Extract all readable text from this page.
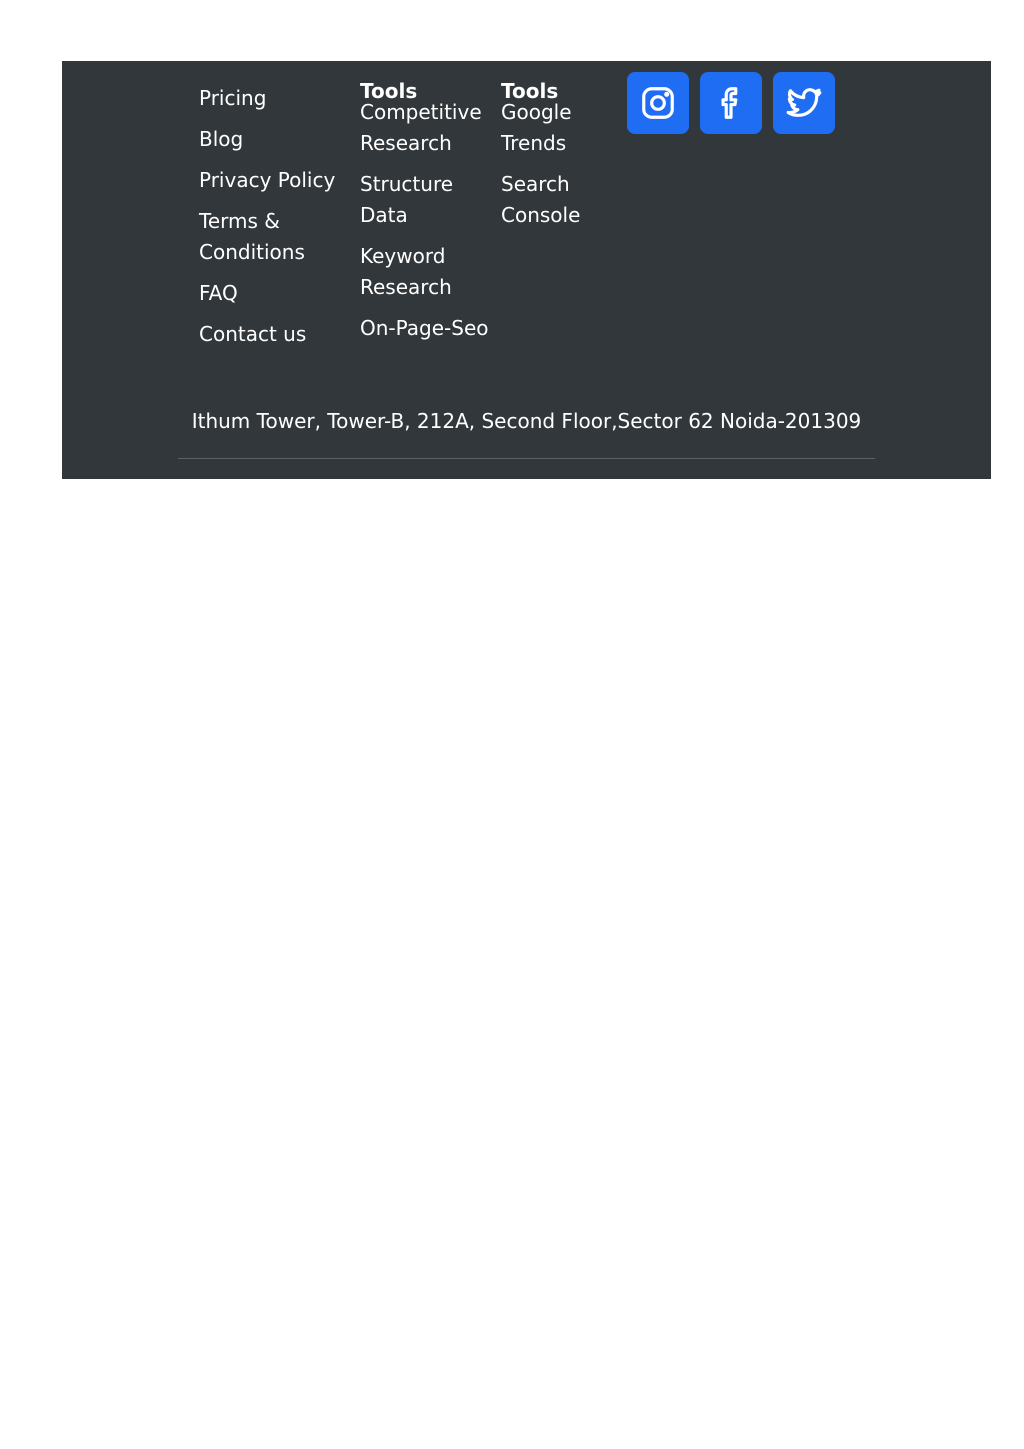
Pricing
Blog
Privacy Policy
Terms & Conditions
FAQ
Contact us

Tools
Competitive Research
Structure Data
Keyword Research
On-Page-Seo

Tools
Google Trends
Search Console
Ithum Tower, Tower-B, 212A, Second Floor,Sector 62 Noida-201309
